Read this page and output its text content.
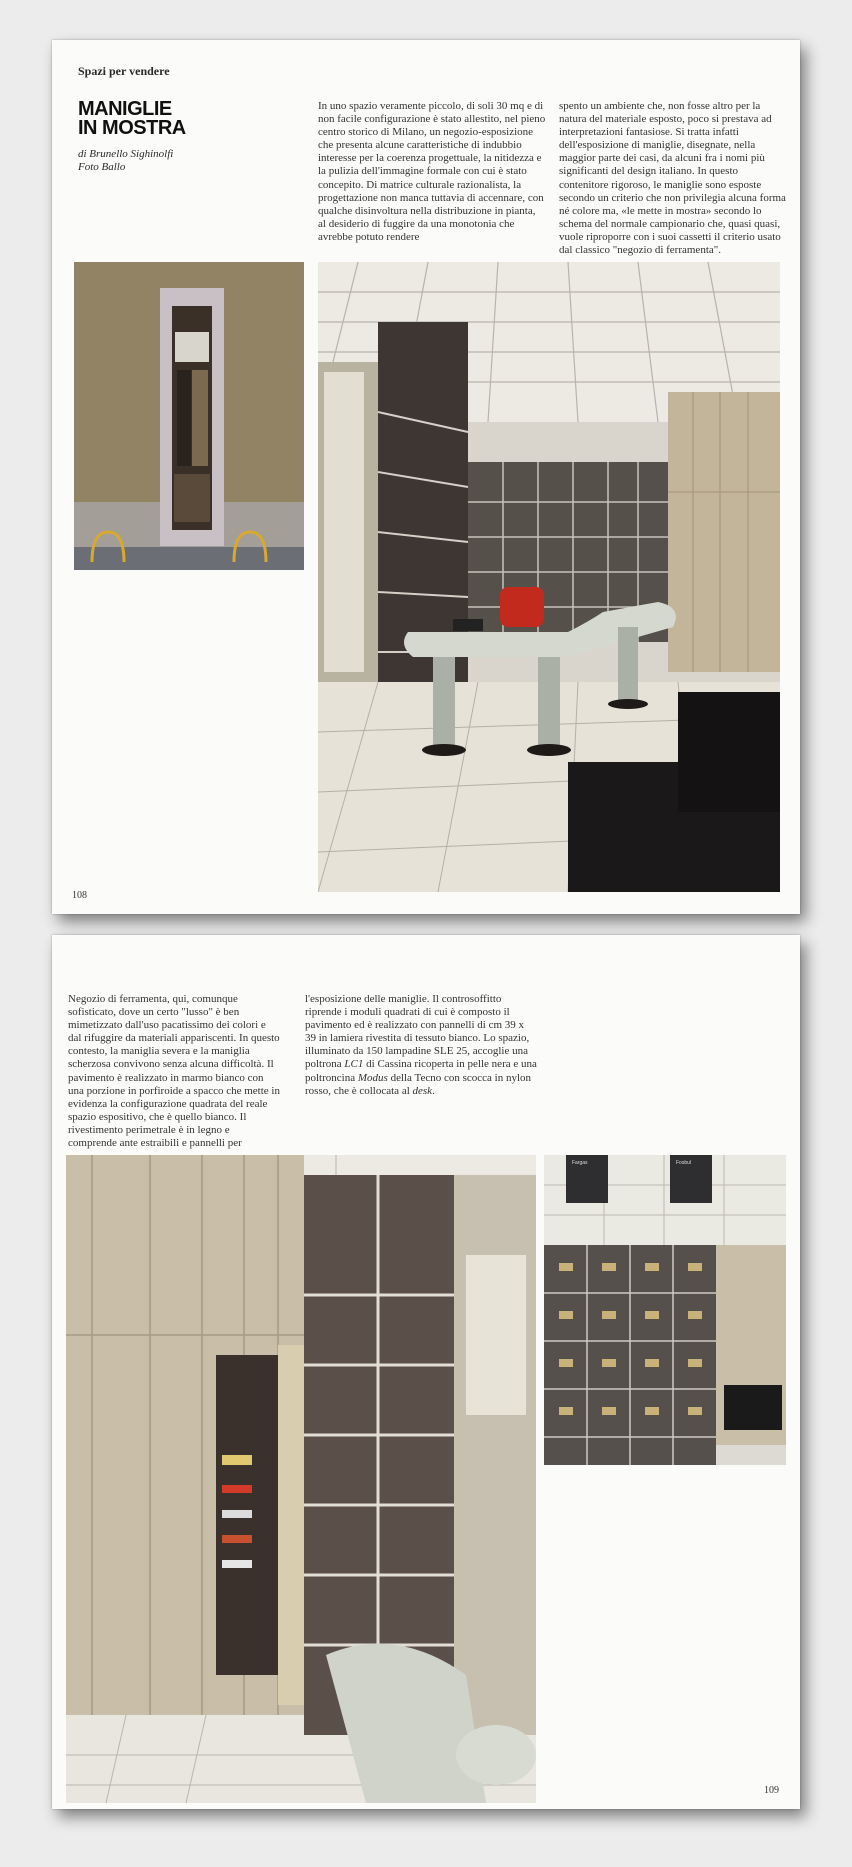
Spazi per vendere
MANIGLIE
IN MOSTRA
di Brunello Sighinolfi
Foto Ballo

In uno spazio veramente piccolo, di soli 30 mq e di non facile configurazione è stato allestito, nel pieno centro storico di Milano, un negozio-esposizione che presenta alcune caratteristiche di indubbio interesse per la coerenza progettuale, la nitidezza e la pulizia dell'immagine formale con cui è stato concepito. Di matrice culturale razionalista, la progettazione non manca tuttavia di accennare, con qualche disinvoltura nella distribuzione in pianta, al desiderio di fuggire da una monotonia che avrebbe potuto rendere

spento un ambiente che, non fosse altro per la natura del materiale esposto, poco si prestava ad interpretazioni fantasiose. Si tratta infatti dell'esposizione di maniglie, disegnate, nella maggior parte dei casi, da alcuni fra i nomi più significanti del design italiano. In questo contenitore rigoroso, le maniglie sono esposte secondo un criterio che non privilegia alcuna forma né colore ma, «le mette in mostra» secondo lo schema del normale campionario che, quasi quasi, vuole riproporre con i suoi cassetti il criterio usato dal classico "negozio di ferramenta".

108

Negozio di ferramenta, qui, comunque sofisticato, dove un certo "lusso" è ben mimetizzato dall'uso pacatissimo dei colori e dal rifuggire da materiali appariscenti. In questo contesto, la maniglia severa e la maniglia scherzosa convivono senza alcuna difficoltà. Il pavimento è realizzato in marmo bianco con una porzione in porfiroide a spacco che mette in evidenza la configurazione quadrata del reale spazio espositivo, che è quello bianco. Il rivestimento perimetrale è in legno e comprende ante estraibili e pannelli per

l'esposizione delle maniglie. Il controsoffitto riprende i moduli quadrati di cui è composto il pavimento ed è realizzato con pannelli di cm 39 x 39 in lamiera rivestita di tessuto bianco. Lo spazio, illuminato da 150 lampadine SLE 25, accoglie una poltrona LC1 di Cassina ricoperta in pelle nera e una poltroncina Modus della Tecno con scocca in nylon rosso, che è collocata al desk.

Fargas	Fosbul
109
